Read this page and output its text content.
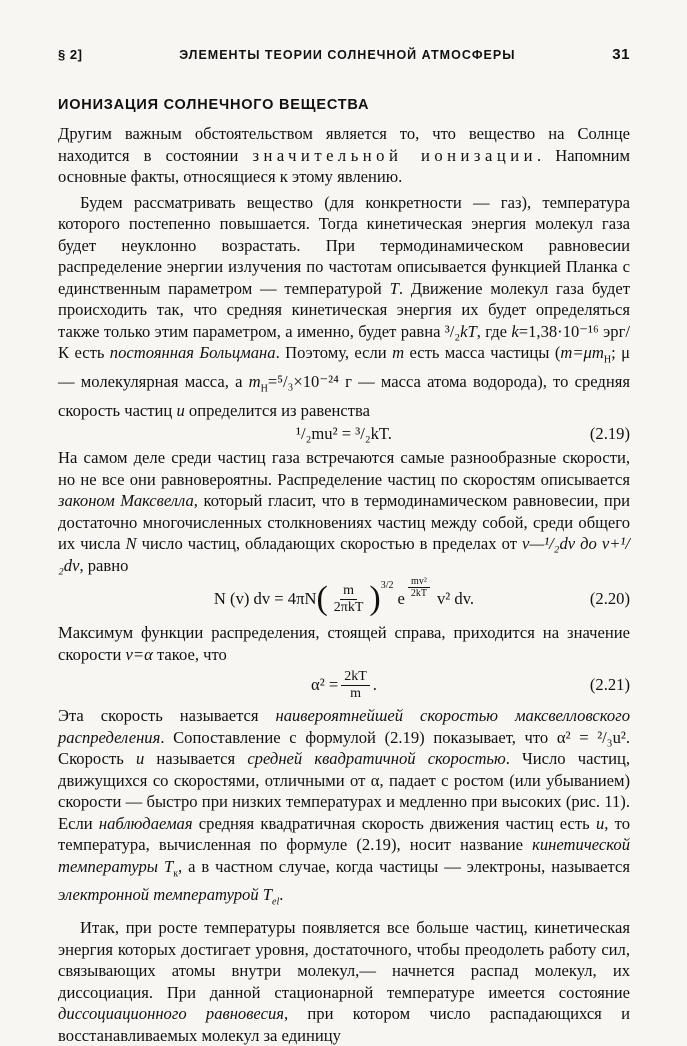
§ 2]	ЭЛЕМЕНТЫ ТЕОРИИ СОЛНЕЧНОЙ АТМОСФЕРЫ	31
ИОНИЗАЦИЯ СОЛНЕЧНОГО ВЕЩЕСТВА

Другим важным обстоятельством является то, что вещество на Солнце находится в состоянии значительной ионизации. Напомним основные факты, относящиеся к этому явлению.

Будем рассматривать вещество (для конкретности — газ), температура которого постепенно повышается. Тогда кинетическая энергия молекул газа будет неуклонно возрастать. При термодинамическом равновесии распределение энергии излучения по частотам описывается функцией Планка с единственным параметром — температурой T. Движение молекул газа будет происходить так, что средняя кинетическая энергия их будет определяться также только этим параметром, а именно, будет равна ³/₂kT, где k=1,38·10⁻¹⁶ эрг/К есть постоянная Больцмана. Поэтому, если m есть масса частицы ($m=\mu m_H$; μ — молекулярная масса, а $m_H=^5/_3\times 10^{-24}$ г — масса атома водорода), то средняя скорость частиц u определится из равенства

¹/₂mu² = ³/₂kT.	(2.19)

На самом деле среди частиц газа встречаются самые разнообразные скорости, но не все они равновероятны. Распределение частиц по скоростям описывается законом Максвелла, который гласит, что в термодинамическом равновесии, при достаточно многочисленных столкновениях частиц между собой, среди общего их числа N число частиц, обладающих скоростью в пределах от v—¹/₂dv до v+¹/₂dv, равно

N (v) dv = 4πN ( $\frac{m}{\text{2πkT}} )^{3/2}$
e $\frac{\text{mv²}}{2kT} v^2$ dv.	(2.20)

Максимум функции распределения, стоящей справа, приходится на значение скорости v=α такое, что

$\alpha^2 = \frac{2kT}{m}$ .	(2.21)

Эта скорость называется наивероятнейшей скоростью максвелловского распределения. Сопоставление с формулой (2.19) показывает, что α² = ²/₃u². Скорость u называется средней квадратичной скоростью. Число частиц, движущихся со скоростями, отличными от α, падает с ростом (или убыванием) скорости — быстро при низких температурах и медленно при высоких (рис. 11). Если наблюдаемая средняя квадратичная скорость движения частиц есть u, то температура, вычисленная по формуле (2.19), носит название кинетической температуры $T_к$, а в частном случае, когда частицы — электроны, называется электронной температурой $T_{el}$.

Итак, при росте температуры появляется все больше частиц, кинетическая энергия которых достигает уровня, достаточного, чтобы преодолеть работу сил, связывающих атомы внутри молекул,— начнется распад молекул, их диссоциация. При данной стационарной температуре имеется состояние диссоциационного равновесия, при котором число распадающихся и восстанавливаемых молекул за единицу
